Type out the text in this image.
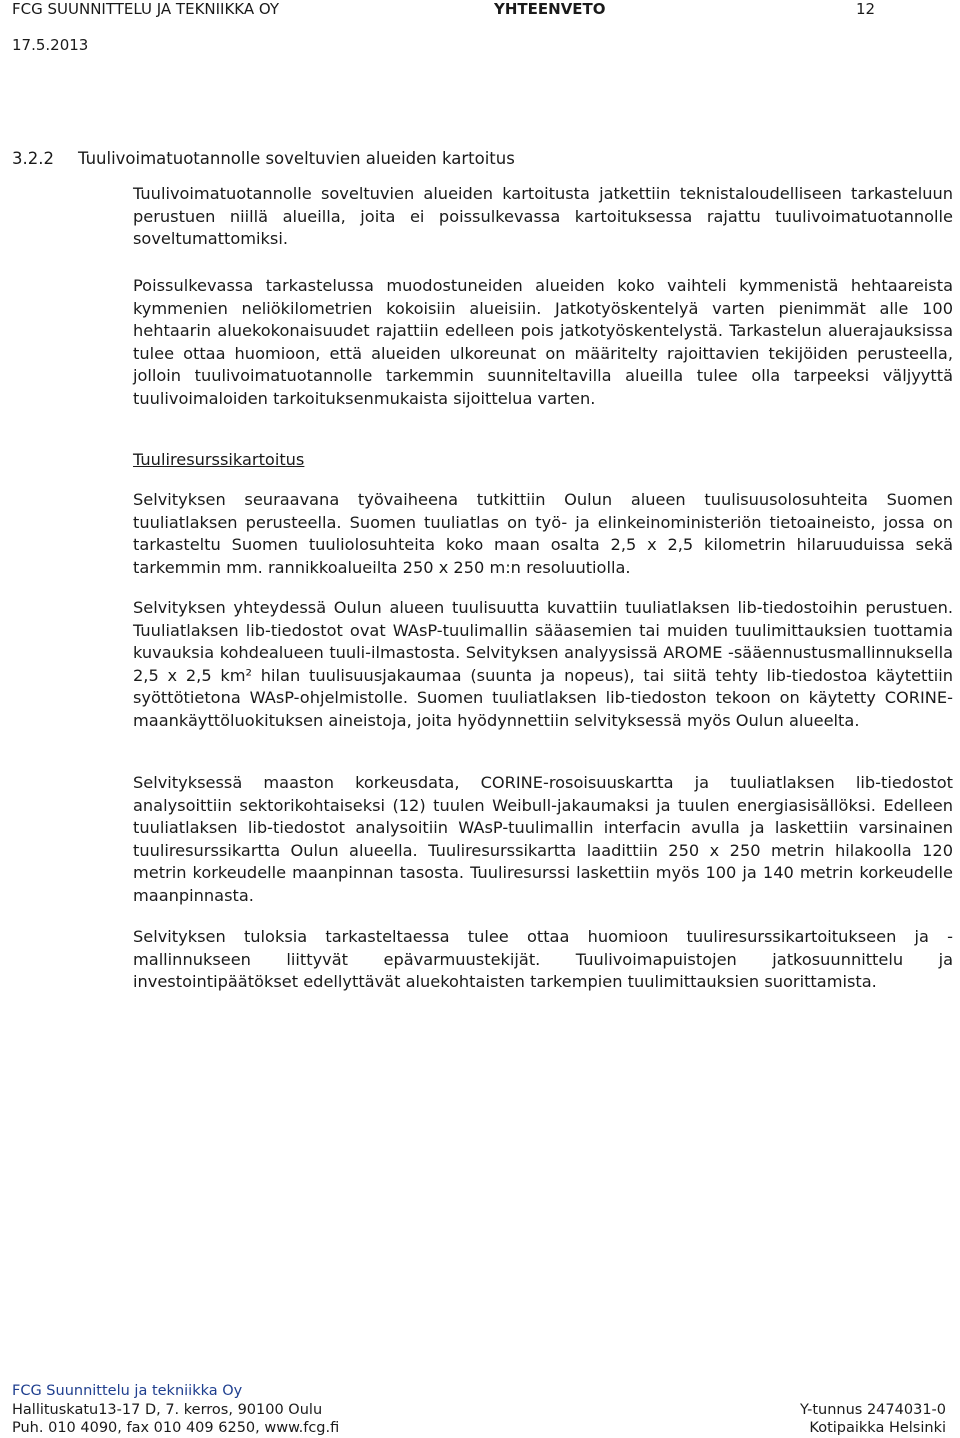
FCG SUUNNITTELU JA TEKNIIKKA OY	YHTEENVETO	12
17.5.2013
3.2.2 Tuulivoimatuotannolle soveltuvien alueiden kartoitus

Tuulivoimatuotannolle soveltuvien alueiden kartoitusta jatkettiin teknistaloudelliseen tarkasteluun perustuen niillä alueilla, joita ei poissulkevassa kartoituksessa rajattu tuulivoimatuotannolle soveltumattomiksi.

Poissulkevassa tarkastelussa muodostuneiden alueiden koko vaihteli kymmenistä hehtaareista kymmenien neliökilometrien kokoisiin alueisiin. Jatkotyöskentelyä varten pienimmät alle 100 hehtaarin aluekokonaisuudet rajattiin edelleen pois jatkotyöskentelystä. Tarkastelun aluerajauksissa tulee ottaa huomioon, että alueiden ulkoreunat on määritelty rajoittavien tekijöiden perusteella, jolloin tuulivoimatuotannolle tarkemmin suunniteltavilla alueilla tulee olla tarpeeksi väljyyttä tuulivoimaloiden tarkoituksenmukaista sijoittelua varten.

Tuuliresurssikartoitus

Selvityksen seuraavana työvaiheena tutkittiin Oulun alueen tuulisuusolosuhteita Suomen tuuliatlaksen perusteella. Suomen tuuliatlas on työ- ja elinkeinoministeriön tietoaineisto, jossa on tarkasteltu Suomen tuuliolosuhteita koko maan osalta 2,5 x 2,5 kilometrin hilaruuduissa sekä tarkemmin mm. rannikkoalueilta 250 x 250 m:n resoluutiolla.

Selvityksen yhteydessä Oulun alueen tuulisuutta kuvattiin tuuliatlaksen lib-tiedostoihin perustuen. Tuuliatlaksen lib-tiedostot ovat WAsP-tuulimallin sääasemien tai muiden tuulimittauksien tuottamia kuvauksia kohdealueen tuuli-ilmastosta. Selvityksen analyysissä AROME -sääennustusmallinnuksella 2,5 x 2,5 km² hilan tuulisuusjakaumaa (suunta ja nopeus), tai siitä tehty lib-tiedostoa käytettiin syöttötietona WAsP-ohjelmistolle. Suomen tuuliatlaksen lib-tiedoston tekoon on käytetty CORINE-maankäyttöluokituksen aineistoja, joita hyödynnettiin selvityksessä myös Oulun alueelta.

Selvityksessä maaston korkeusdata, CORINE-rosoisuuskartta ja tuuliatlaksen lib-tiedostot analysoittiin sektorikohtaiseksi (12) tuulen Weibull-jakaumaksi ja tuulen energiasisällöksi. Edelleen tuuliatlaksen lib-tiedostot analysoitiin WAsP-tuulimallin interfacin avulla ja laskettiin varsinainen tuuliresurssikartta Oulun alueella. Tuuliresurssikartta laadittiin 250 x 250 metrin hilakoolla 120 metrin korkeudelle maanpinnan tasosta. Tuuliresurssi laskettiin myös 100 ja 140 metrin korkeudelle maanpinnasta.

Selvityksen tuloksia tarkasteltaessa tulee ottaa huomioon tuuliresurssikartoitukseen ja -mallinnukseen liittyvät epävarmuustekijät. Tuulivoimapuistojen jatkosuunnittelu ja investointipäätökset edellyttävät aluekohtaisten tarkempien tuulimittauksien suorittamista.

FCG Suunnittelu ja tekniikka Oy
Hallituskatu13-17 D, 7. kerros, 90100 Oulu
Puh. 010 4090, fax 010 409 6250, www.fcg.fi
Y-tunnus 2474031-0
Kotipaikka Helsinki
